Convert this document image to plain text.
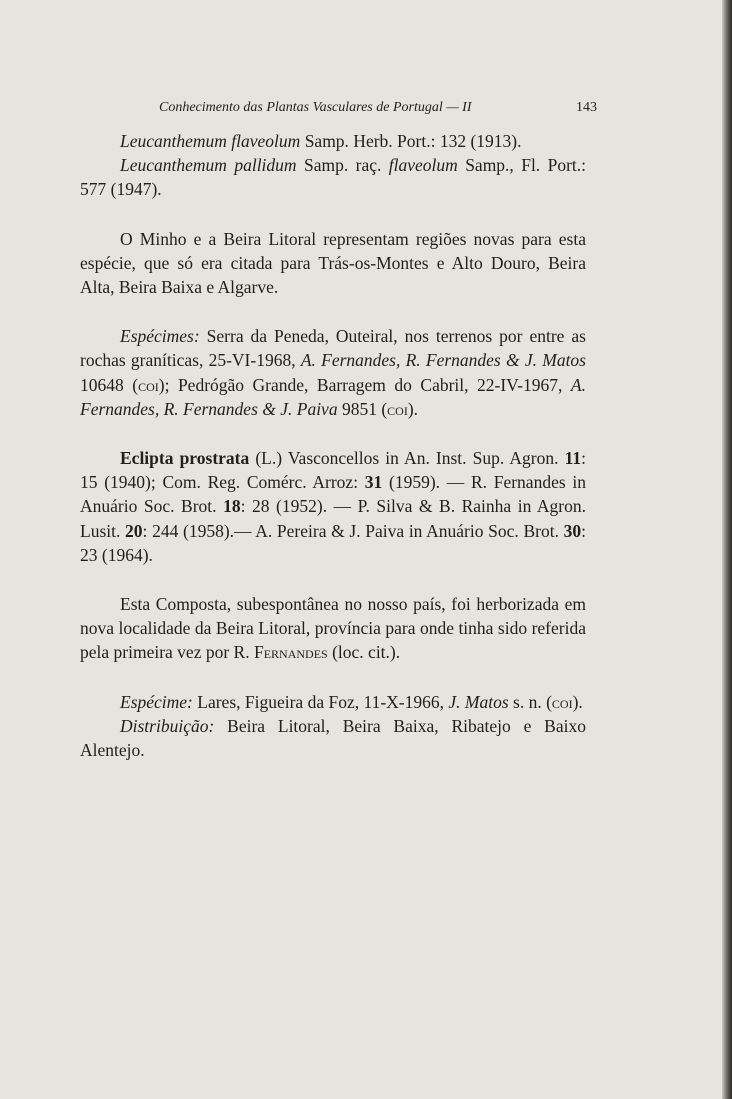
Conhecimento das Plantas Vasculares de Portugal — II	143

Leucanthemum flaveolum Samp. Herb. Port.: 132 (1913).

Leucanthemum pallidum Samp. raç. flaveolum Samp., Fl. Port.: 577 (1947).

O Minho e a Beira Litoral representam regiões novas para esta espécie, que só era citada para Trás-os-Montes e Alto Douro, Beira Alta, Beira Baixa e Algarve.

Espécimes: Serra da Peneda, Outeiral, nos terrenos por entre as rochas graníticas, 25-VI-1968, A. Fernandes, R. Fernandes & J. Matos 10648 (coi); Pedrógão Grande, Barragem do Cabril, 22-IV-1967, A. Fernandes, R. Fernandes & J. Paiva 9851 (coi).

Eclipta prostrata (L.) Vasconcellos in An. Inst. Sup. Agron. 11: 15 (1940); Com. Reg. Comérc. Arroz: 31 (1959). — R. Fernandes in Anuário Soc. Brot. 18: 28 (1952). — P. Silva & B. Rainha in Agron. Lusit. 20: 244 (1958).— A. Pereira & J. Paiva in Anuário Soc. Brot. 30: 23 (1964).

Esta Composta, subespontânea no nosso país, foi herborizada em nova localidade da Beira Litoral, província para onde tinha sido referida pela primeira vez por R. Fernandes (loc. cit.).

Espécime: Lares, Figueira da Foz, 11-X-1966, J. Matos s. n. (coi).

Distribuição: Beira Litoral, Beira Baixa, Ribatejo e Baixo Alentejo.
